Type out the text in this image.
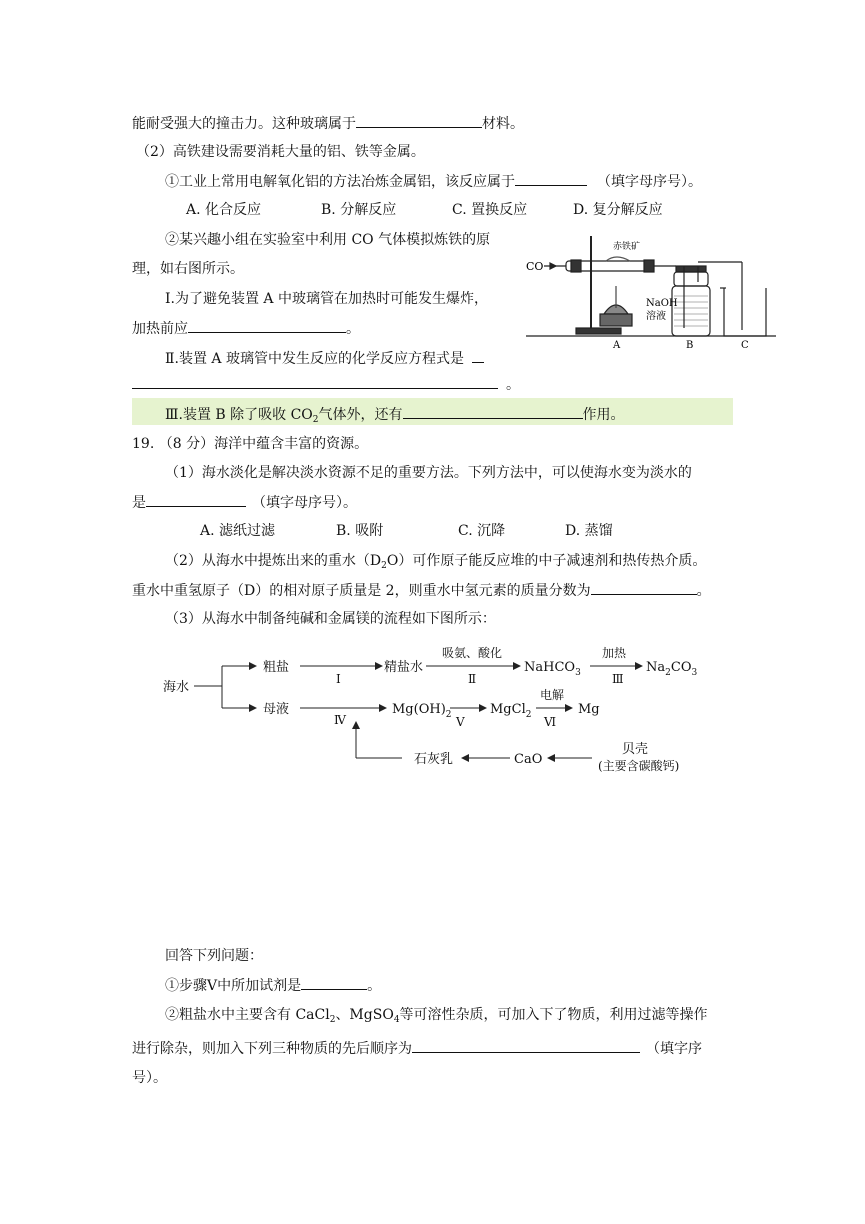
能耐受强大的撞击力。这种玻璃属于	材料。
（2）高铁建设需要消耗大量的铝、铁等金属。
①工业上常用电解氧化铝的方法冶炼金属铝，该反应属于	（填字母序号）。
A. 化合反应	B. 分解反应	C. 置换反应	D. 复分解反应
②某兴趣小组在实验室中利用 CO 气体模拟炼铁的原
理，如右图所示。
Ⅰ.为了避免装置 A 中玻璃管在加热时可能发生爆炸，
加热前应	。
Ⅱ.装置 A 玻璃管中发生反应的化学反应方程式是
。
Ⅲ.装置 B 除了吸收 $CO_2$气体外，还有	作用。
19. （8 分）海洋中蕴含丰富的资源。
（1）海水淡化是解决淡水资源不足的重要方法。下列方法中，可以使海水变为淡水的
是	（填字母序号）。
A. 滤纸过滤	B. 吸附	C. 沉降	D. 蒸馏
（2）从海水中提炼出来的重水$(D_2O)$可作原子能反应堆的中子减速剂和热传热介质。
重水中重氢原子（D）的相对原子质量是 2，则重水中氢元素的质量分数为	。
（3）从海水中制备纯碱和金属镁的流程如下图所示：
CO
赤铁矿
NaOH
溶液
A	B	C
海水
粗盐	精盐水
吸氨、酸化
NaHCO$_3$
加热
$Na_2CO_3$
Ⅰ	Ⅱ	Ⅲ
母液
Ⅳ
$Mg(OH)_2$ Ⅴ
MgCl$_2$
电解
Ⅵ
Mg
石灰乳	CaO
贝壳
(主要含碳酸钙)
回答下列问题：
①步骤Ⅴ中所加试剂是	。
②粗盐水中主要含有 CaCl$_2$、MgSO$_4$等可溶性杂质，可加入下了物质，利用过滤等操作
进行除杂，则加入下列三种物质的先后顺序为	（填字序
号）。
